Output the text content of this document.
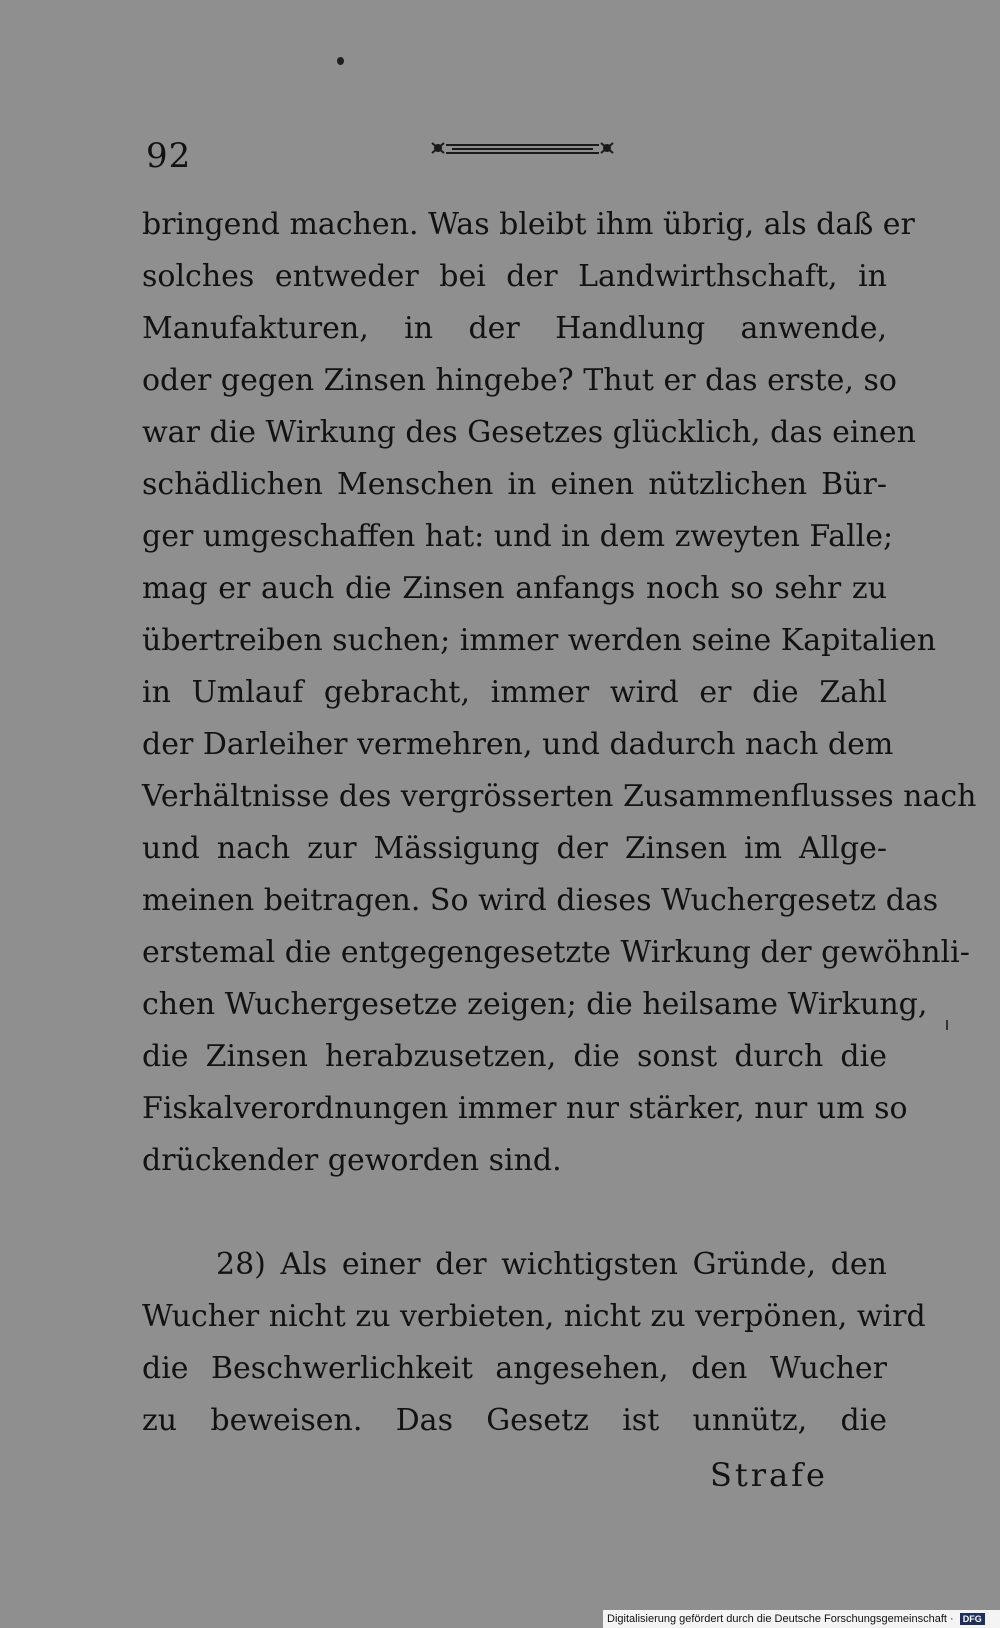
92
bringend machen. Was bleibt ihm übrig, als daß er
solches entweder bei der Landwirthschaft, in
Manufakturen, in der Handlung anwende,
oder gegen Zinsen hingebe? Thut er das erste, so
war die Wirkung des Gesetzes glücklich, das einen
schädlichen Menschen in einen nützlichen Bür-
ger umgeschaffen hat: und in dem zweyten Falle;
mag er auch die Zinsen anfangs noch so sehr zu
übertreiben suchen; immer werden seine Kapitalien
in Umlauf gebracht, immer wird er die Zahl
der Darleiher vermehren, und dadurch nach dem
Verhältnisse des vergrösserten Zusammenflusses nach
und nach zur Mässigung der Zinsen im Allge-
meinen beitragen. So wird dieses Wuchergesetz das
erstemal die entgegengesetzte Wirkung der gewöhnli-
chen Wuchergesetze zeigen; die heilsame Wirkung,
die Zinsen herabzusetzen, die sonst durch die
Fiskalverordnungen immer nur stärker, nur um so
drückender geworden sind.
28) Als einer der wichtigsten Gründe, den
Wucher nicht zu verbieten, nicht zu verpönen, wird
die Beschwerlichkeit angesehen, den Wucher
zu beweisen. Das Gesetz ist unnütz, die
Strafe
Digitalisierung gefördert durch die Deutsche Forschungsgemeinschaft · DFG
